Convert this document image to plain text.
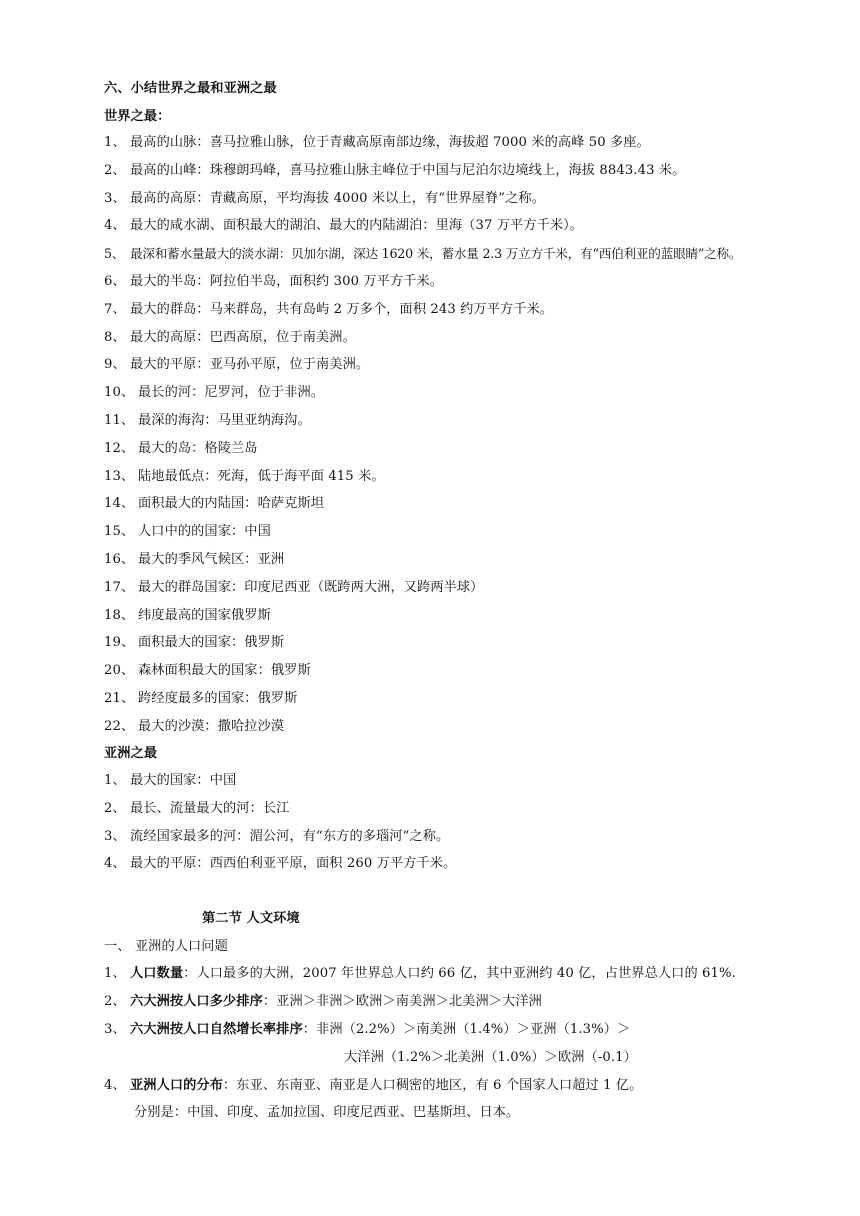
六、小结世界之最和亚洲之最
世界之最：
1、 最高的山脉：喜马拉雅山脉，位于青藏高原南部边缘，海拔超 7000 米的高峰 50 多座。
2、 最高的山峰：珠穆朗玛峰，喜马拉雅山脉主峰位于中国与尼泊尔边境线上，海拔 8843.43 米。
3、 最高的高原：青藏高原，平均海拔 4000 米以上，有“世界屋脊”之称。
4、 最大的咸水湖、面积最大的湖泊、最大的内陆湖泊：里海（37 万平方千米）。
5、 最深和蓄水量最大的淡水湖：贝加尔湖，深达 1620 米，蓄水量 2.3 万立方千米，有“西伯利亚的蓝眼睛”之称。
6、 最大的半岛：阿拉伯半岛，面积约 300 万平方千米。
7、 最大的群岛：马来群岛，共有岛屿 2 万多个，面积 243 约万平方千米。
8、 最大的高原：巴西高原，位于南美洲。
9、 最大的平原：亚马孙平原，位于南美洲。
10、 最长的河：尼罗河，位于非洲。
11、 最深的海沟：马里亚纳海沟。
12、 最大的岛：格陵兰岛
13、 陆地最低点：死海，低于海平面 415 米。
14、 面积最大的内陆国：哈萨克斯坦
15、 人口中的的国家：中国
16、 最大的季风气候区：亚洲
17、 最大的群岛国家：印度尼西亚（既跨两大洲，又跨两半球）
18、 纬度最高的国家俄罗斯
19、 面积最大的国家：俄罗斯
20、 森林面积最大的国家：俄罗斯
21、 跨经度最多的国家：俄罗斯
22、 最大的沙漠：撒哈拉沙漠
亚洲之最
1、 最大的国家：中国
2、 最长、流量最大的河：长江
3、 流经国家最多的河：湄公河，有“东方的多瑙河”之称。
4、 最大的平原：西西伯利亚平原，面积 260 万平方千米。
第二节 人文环境
一、 亚洲的人口问题
1、 人口数量：人口最多的大洲，2007 年世界总人口约 66 亿，其中亚洲约 40 亿，占世界总人口的 61%.
2、 六大洲按人口多少排序：亚洲＞非洲＞欧洲＞南美洲＞北美洲＞大洋洲
3、 六大洲按人口自然增长率排序：非洲（2.2%）＞南美洲（1.4%）＞亚洲（1.3%）＞
4、 亚洲人口的分布：东亚、东南亚、南亚是人口稠密的地区，有 6 个国家人口超过 1 亿。
大洋洲（1.2%＞北美洲（1.0%）＞欧洲（-0.1）
分别是：中国、印度、孟加拉国、印度尼西亚、巴基斯坦、日本。
